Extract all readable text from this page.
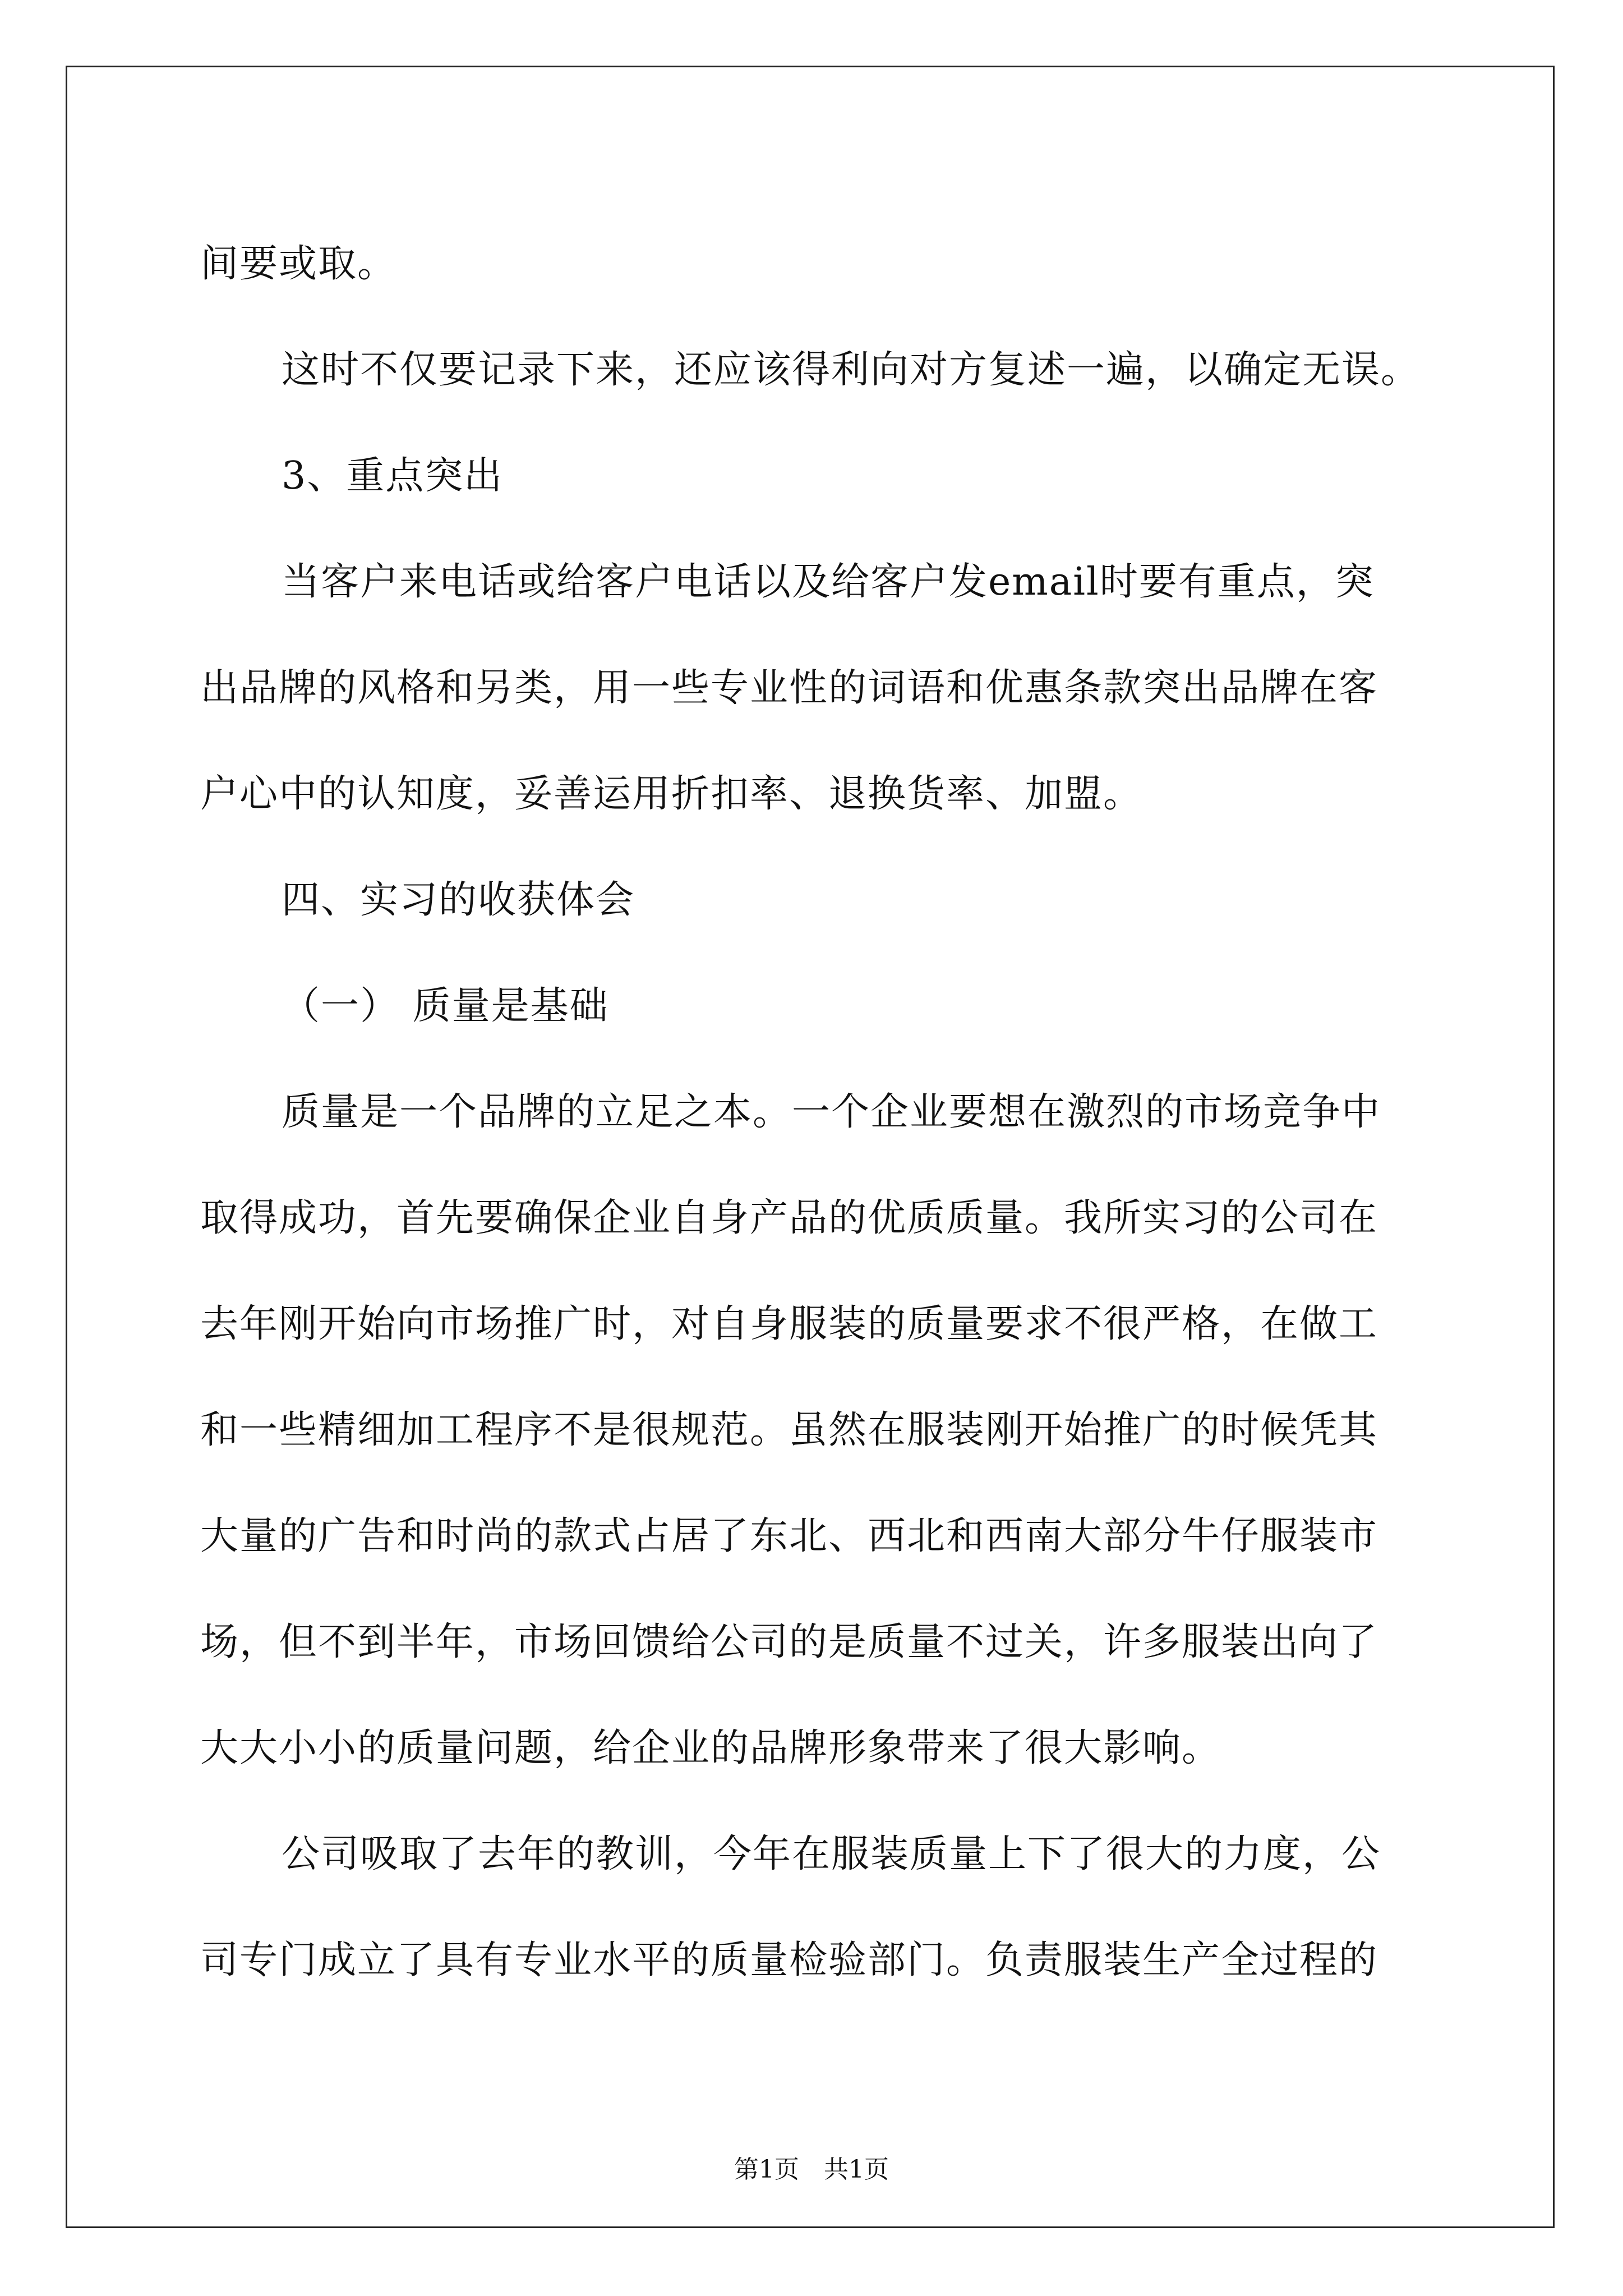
间要或取。
这时不仅要记录下来，还应该得利向对方复述一遍，以确定无误。
3、重点突出
当客户来电话或给客户电话以及给客户发email时要有重点，突
出品牌的风格和另类，用一些专业性的词语和优惠条款突出品牌在客
户心中的认知度，妥善运用折扣率、退换货率、加盟。
四、实习的收获体会
（一） 质量是基础
质量是一个品牌的立足之本。一个企业要想在激烈的市场竞争中
取得成功，首先要确保企业自身产品的优质质量。我所实习的公司在
去年刚开始向市场推广时，对自身服装的质量要求不很严格，在做工
和一些精细加工程序不是很规范。虽然在服装刚开始推广的时候凭其
大量的广告和时尚的款式占居了东北、西北和西南大部分牛仔服装市
场，但不到半年，市场回馈给公司的是质量不过关，许多服装出向了
大大小小的质量问题，给企业的品牌形象带来了很大影响。
公司吸取了去年的教训，今年在服装质量上下了很大的力度，公
司专门成立了具有专业水平的质量检验部门。负责服装生产全过程的
第1页　共1页
